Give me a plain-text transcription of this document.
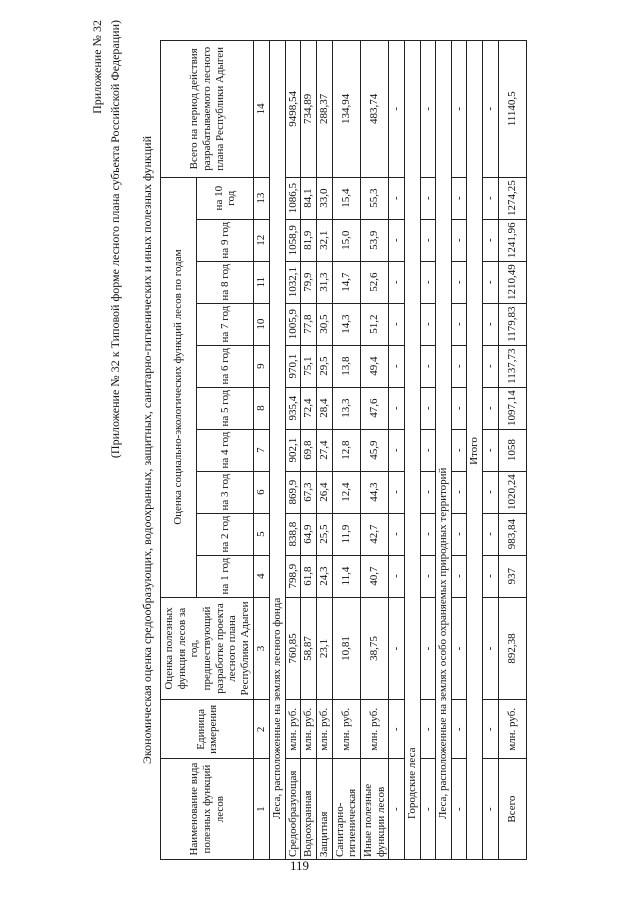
Приложение № 32 (Приложение № 32 к Типовой форме лесного плана субъекта Российской Федерации) Экономическая оценка средообразующих, водоохранных, защитных, санитарно-гигиенических и иных полезных функций
Наименование вида полезных функций лесов	Единица измерения	Оценка полезных функция лесов за год, предшествующий разработке проекта лесного плана Республики Адыгеи	Оценка социально-экологических функций лесов по годам										Всего на период действия разрабатываемого лесного плана Республики Адыгеи
			на 1 год	на 2 год	на 3 год	на 4 год	на 5 год	на 6 год	на 7 год	на 8 год	на 9 год	на 10 год	
1	2	3	4	5	6	7	8	9	10	11	12	13	14
Леса, расположенные на землях лесного фонда													
Средообразующая	млн. руб.	760,85	798,9	838,8	869,9	902,1	935,4	970,1	1005,9	1032,1	1058,9	1086,5	9498,54
Водоохранная	млн. руб.	58,87	61,8	64,9	67,3	69,8	72,4	75,1	77,8	79,9	81,9	84,1	734,89
Защитная	млн. руб.	23,1	24,3	25,5	26,4	27,4	28,4	29,5	30,5	31,3	32,1	33,0	288,37
Санитарно-гигиеническая	млн. руб.	10,81	11,4	11,9	12,4	12,8	13,3	13,8	14,3	14,7	15,0	15,4	134,94
Иные полезные функции лесов	млн. руб.	38,75	40,7	42,7	44,3	45,9	47,6	49,4	51,2	52,6	53,9	55,3	483,74
-	-	-	-	-	-	-	-	-	-	-	-	-	-
Городские леса													
-	-	-	-	-	-	-	-	-	-	-	-	-	-
Леса, расположенные на землях особо охраняемых природных территорий													
-	-	-	-	-	-	-	-	-	-	-	-	-	-
Итого													
-	-	-	-	-	-	-	-	-	-	-	-	-	-
Всего	млн. руб.	892,38	937	983,84	1020,24	1058	1097,14	1137,73	1179,83	1210,49	1241,96	1274,25	11140,5
119
